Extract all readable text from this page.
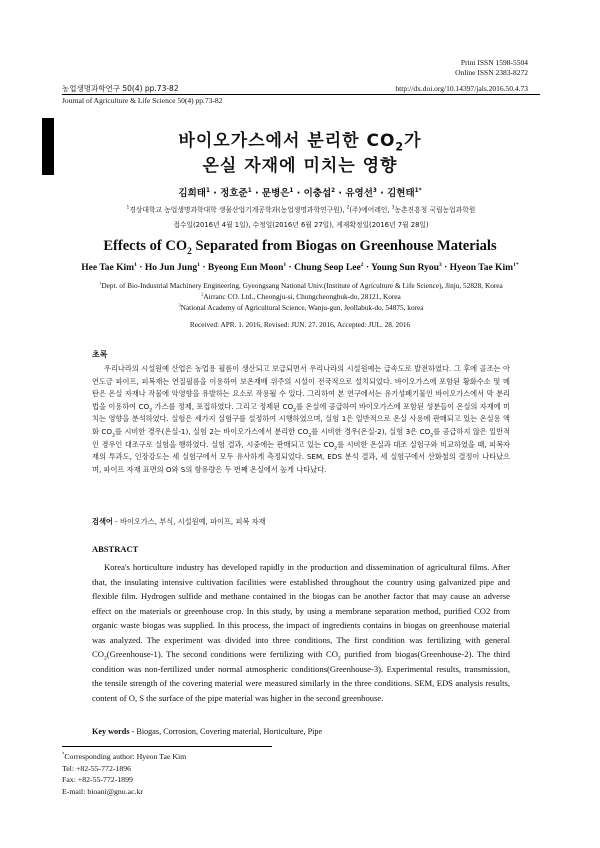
Print ISSN 1598-5504
Online ISSN 2383-8272
농업생명과학연구 50(4) pp.73-82	http://dx.doi.org/10.14397/jals.2016.50.4.73
Journal of Agriculture & Life Science 50(4) pp.73-82
바이오가스에서 분리한 $CO_2$가
온실 자재에 미치는 영향
김희태$^1$ · 정호준$^1$ · 문병은$^1$ · 이충섭$^2$ · 유영선$^3$ · 김현태$^{1*}$
$^1$경상대학교 농업생명과학대학 생물산업기계공학과(농업생명과학연구원), $^2$(주)에어레인, $^3$농촌진흥청 국립농업과학원
접수일(2016년 4월 1일), 수정일(2016년 6월 27일), 게재확정일(2016년 7월 28일)
Effects of $CO_2$ Separated from Biogas on Greenhouse Materials
Hee Tae Kim$^1$ · Ho Jun Jung$^1$ · Byeong Eun Moon$^1$ · Chung Seop Lee$^2$ · Young Sun Ryou$^3$ · Hyeon Tae Kim$^{1*}$
$^1$Dept. of Bio-Industrial Machinery Engineering, Gyeongsang National Univ.(Institute of Agriculture & Life Science), Jinju, 52828, Korea
$^2$Airranc CO. Ltd., Cheongju-si, Chungcheongbuk-do, 28121, Korea
$^3$National Academy of Agricultural Science, Wanju-gun, Jeollabuk-do, 54875, korea
Received: APR. 1. 2016, Revised: JUN. 27. 2016, Accepted: JUL. 28. 2016
초록

우리나라의 시설원예 산업은 농업용 필름이 생산되고 보급되면서 우리나라의 시설원예는 급속도로 발전하였다. 그 후에 골조는 아연도금 파이프, 피복재는 연질필름을 이용하여 보온재배 위주의 시설이 전국적으로 설치되었다. 바이오가스에 포함된 황화수소 및 메탄은 온실 자재나 작물에 악영향을 유발하는 요소로 작용될 수 있다. 그리하여 본 연구에서는 유기성폐기물인 바이오가스에서 막 분리법을 이용하여 $CO_2$ 가스를 정제, 포집하였다. 그리고 정제된 $CO_2$를 온실에 공급하여 바이오가스에 포함된 성분들이 온실의 자재에 미치는 영향을 분석하였다. 실험은 세가지 실험구를 설정하여 시행하였으며, 실험 1은 일반적으로 온실 사용에 판매되고 있는 온실용 액화 $CO_2$를 시비한 경우(온실-1), 실험 2는 바이오가스에서 분리한 $CO_2$를 시비한 경우(온실-2), 실험 3은 $CO_2$를 공급하지 않은 일반적인 경우인 대조구로 실험을 행하였다. 실험 결과, 시중에는 판매되고 있는 $CO_2$를 시비한 온실과 대조 실험구와 비교하였을 때, 피복자재의 투과도, 인장강도는 세 실험구에서 모두 유사하게 측정되었다. SEM, EDS 분석 결과, 세 실험구에서 산화철의 결정이 나타났으며, 파이프 자재 표면의 O와 S의 함유량은 두 번째 온실에서 높게 나타났다.

검색어 - 바이오가스, 부식, 시설원예, 파이프, 피복 자재
ABSTRACT

Korea's horticulture industry has developed rapidly in the production and dissemination of agricultural films. After that, the insulating intensive cultivation facilities were established throughout the country using galvanized pipe and flexible film. Hydrogen sulfide and methane contained in the biogas can be another factor that may cause an adverse effect on the materials or greenhouse crop. In this study, by using a membrane separation method, purified CO2 from organic waste biogas was supplied. In this process, the impact of ingredients contains in biogas on greenhouse material was analyzed. The experiment was divided into three conditions, The first condition was fertilizing with general $CO_2(Greenhouse-1)$. The second conditions were fertilizing with $CO_2$ purified from biogas(Greenhouse-2). The third condition was non-fertilized under normal atmospheric conditions(Greenhouse-3). Experimental results, transmission, the tensile strength of the covering material were measured similarly in the three conditions. SEM, EDS analysis results, content of O, S the surface of the pipe material was higher in the second greenhouse.

Key words - Biogas, Corrosion, Covering material, Horticulture, Pipe
*Corresponding author: Hyeon Tae Kim
Tel: +82-55-772-1896
Fax: +82-55-772-1899
E-mail: bioani@gnu.ac.kr
